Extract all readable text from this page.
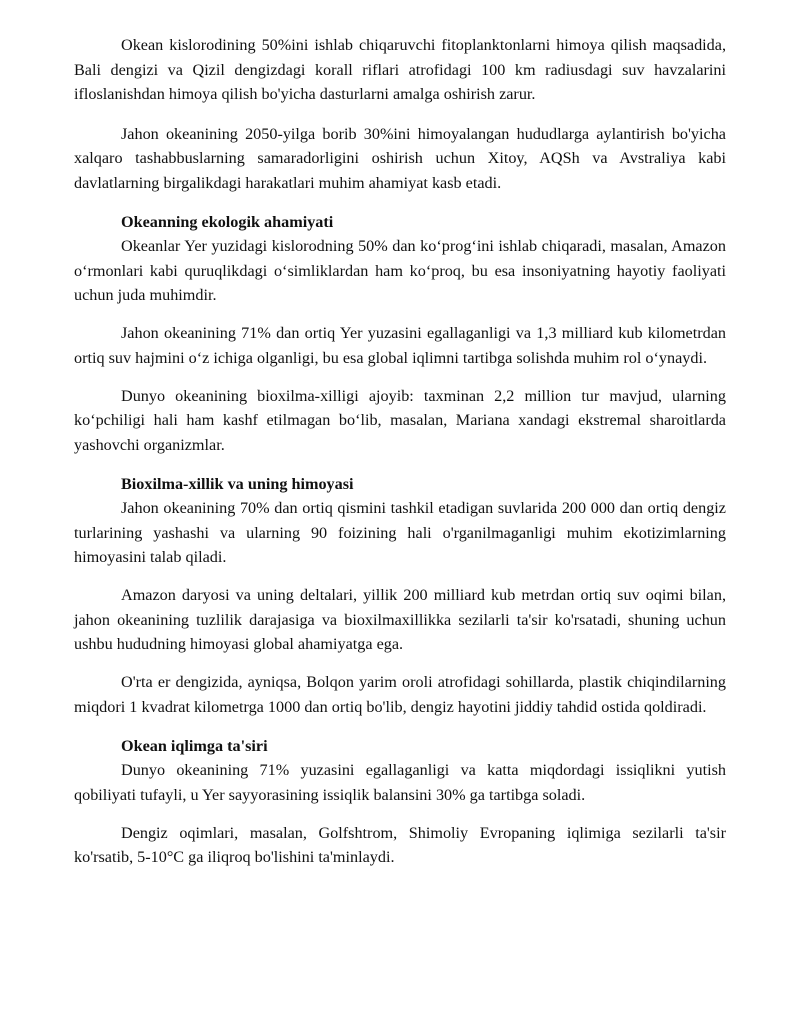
Okean kislorodining 50%ini ishlab chiqaruvchi fitoplanktonlarni himoya qilish maqsadida, Bali dengizi va Qizil dengizdagi korall riflari atrofidagi 100 km radiusdagi suv havzalarini ifloslanishdan himoya qilish bo'yicha dasturlarni amalga oshirish zarur.

Jahon okeanining 2050-yilga borib 30%ini himoyalangan hududlarga aylantirish bo'yicha xalqaro tashabbuslarning samaradorligini oshirish uchun Xitoy, AQSh va Avstraliya kabi davlatlarning birgalikdagi harakatlari muhim ahamiyat kasb etadi.

Okeanning ekologik ahamiyati

Okeanlar Yer yuzidagi kislorodning 50% dan koʻprogʻini ishlab chiqaradi, masalan, Amazon oʻrmonlari kabi quruqlikdagi oʻsimliklardan ham koʻproq, bu esa insoniyatning hayotiy faoliyati uchun juda muhimdir.

Jahon okeanining 71% dan ortiq Yer yuzasini egallaganligi va 1,3 milliard kub kilometrdan ortiq suv hajmini oʻz ichiga olganligi, bu esa global iqlimni tartibga solishda muhim rol oʻynaydi.

Dunyo okeanining bioxilma-xilligi ajoyib: taxminan 2,2 million tur mavjud, ularning koʻpchiligi hali ham kashf etilmagan boʻlib, masalan, Mariana xandagi ekstremal sharoitlarda yashovchi organizmlar.

Bioxilma-xillik va uning himoyasi

Jahon okeanining 70% dan ortiq qismini tashkil etadigan suvlarida 200 000 dan ortiq dengiz turlarining yashashi va ularning 90 foizining hali o'rganilmaganligi muhim ekotizimlarning himoyasini talab qiladi.

Amazon daryosi va uning deltalari, yillik 200 milliard kub metrdan ortiq suv oqimi bilan, jahon okeanining tuzlilik darajasiga va bioxilmaxillikka sezilarli ta'sir ko'rsatadi, shuning uchun ushbu hududning himoyasi global ahamiyatga ega.

O'rta er dengizida, ayniqsa, Bolqon yarim oroli atrofidagi sohillarda, plastik chiqindilarning miqdori 1 kvadrat kilometrga 1000 dan ortiq bo'lib, dengiz hayotini jiddiy tahdid ostida qoldiradi.

Okean iqlimga ta'siri

Dunyo okeanining 71% yuzasini egallaganligi va katta miqdordagi issiqlikni yutish qobiliyati tufayli, u Yer sayyorasining issiqlik balansini 30% ga tartibga soladi.

Dengiz oqimlari, masalan, Golfshtrom, Shimoliy Evropaning iqlimiga sezilarli ta'sir ko'rsatib, 5-10°C ga iliqroq bo'lishini ta'minlaydi.
